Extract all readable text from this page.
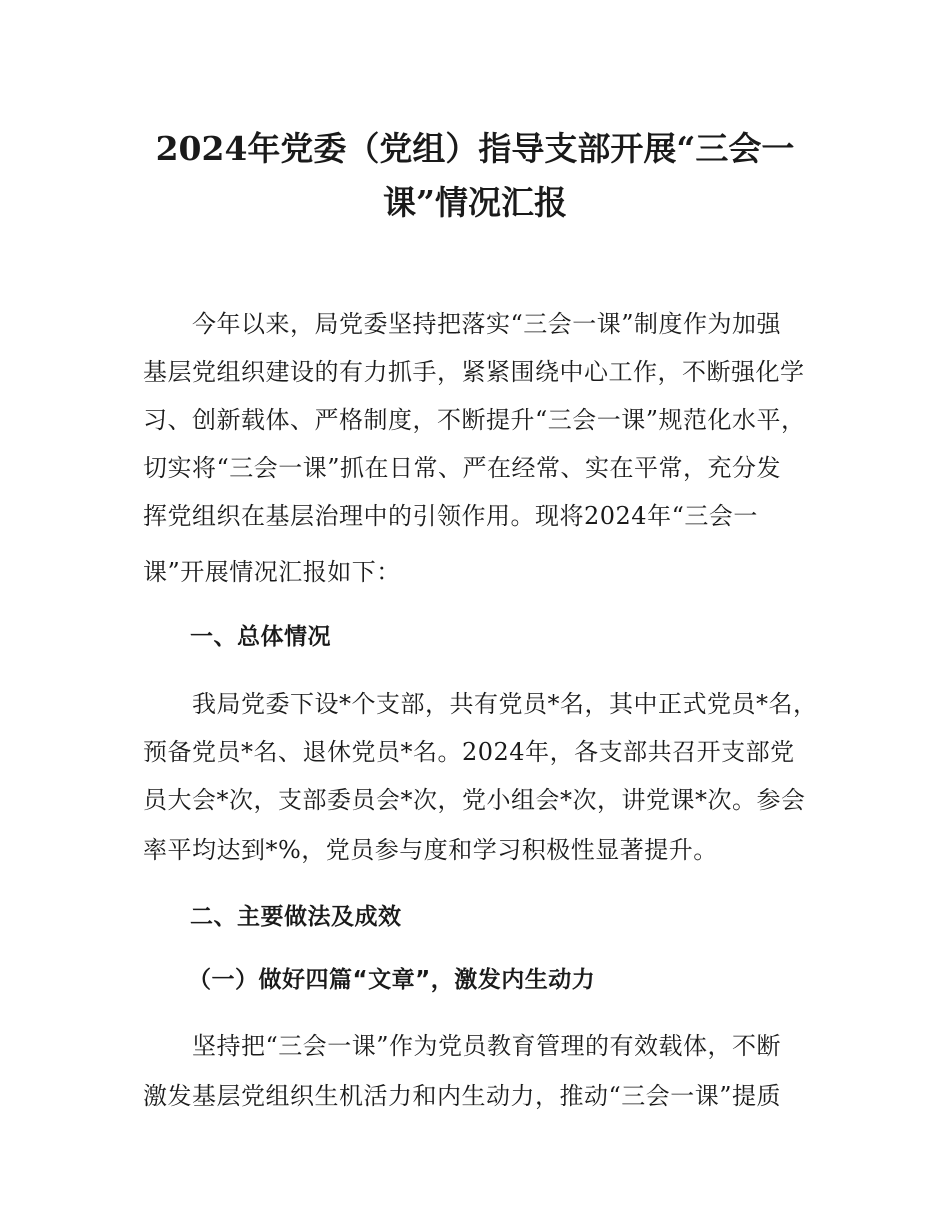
2024年党委（党组）指导支部开展“三会一
课”情况汇报
今年以来，局党委坚持把落实“三会一课”制度作为加强
基层党组织建设的有力抓手，紧紧围绕中心工作，不断强化学
习、创新载体、严格制度，不断提升“三会一课”规范化水平，
切实将“三会一课”抓在日常、严在经常、实在平常，充分发
挥党组织在基层治理中的引领作用。现将2024年“三会一
课”开展情况汇报如下：
一、总体情况
我局党委下设*个支部，共有党员*名，其中正式党员*名，
预备党员*名、退休党员*名。2024年，各支部共召开支部党
员大会*次，支部委员会*次，党小组会*次，讲党课*次。参会
率平均达到*%，党员参与度和学习积极性显著提升。
二、主要做法及成效
（一）做好四篇“文章”，激发内生动力
坚持把“三会一课”作为党员教育管理的有效载体，不断
激发基层党组织生机活力和内生动力，推动“三会一课”提质
